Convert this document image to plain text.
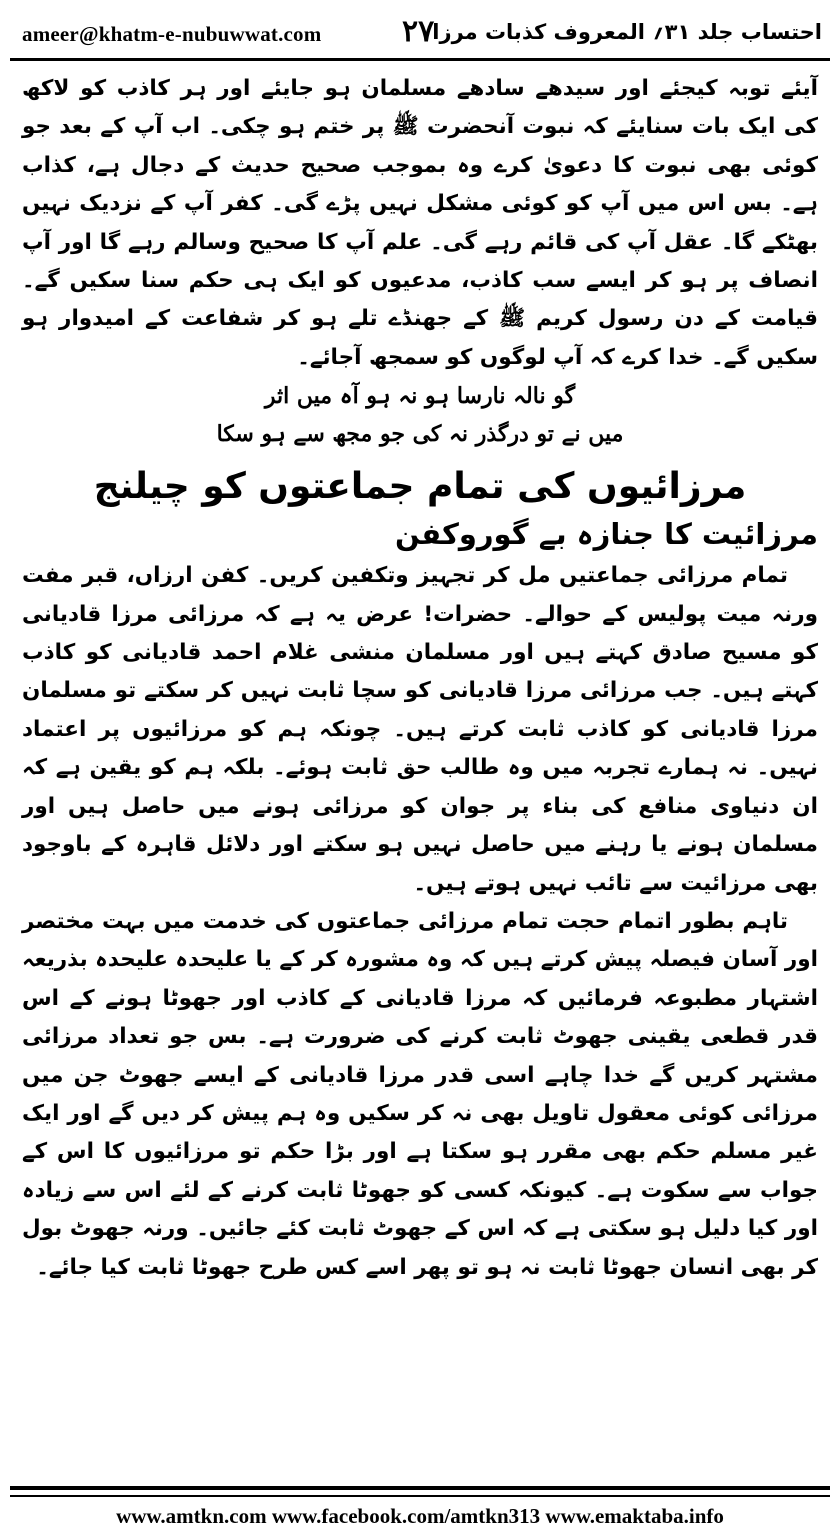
ameer@khatm-e-nubuwwat.com	۲۷
احتساب جلد ۳۱؍ المعروف کذبات مرزا

آیئے توبہ کیجئے اور سیدھے سادھے مسلمان ہو جایئے اور ہر کاذب کو لاکھ کی ایک بات سنایئے کہ نبوت آنحضرت ﷺ پر ختم ہو چکی۔ اب آپ کے بعد جو کوئی بھی نبوت کا دعویٰ کرے وہ بموجب صحیح حدیث کے دجال ہے، کذاب ہے۔ بس اس میں آپ کو کوئی مشکل نہیں پڑے گی۔ کفر آپ کے نزدیک نہیں بھٹکے گا۔ عقل آپ کی قائم رہے گی۔ علم آپ کا صحیح وسالم رہے گا اور آپ انصاف پر ہو کر ایسے سب کاذب، مدعیوں کو ایک ہی حکم سنا سکیں گے۔ قیامت کے دن رسول کریم ﷺ کے جھنڈے تلے ہو کر شفاعت کے امیدوار ہو سکیں گے۔ خدا کرے کہ آپ لوگوں کو سمجھ آجائے۔

گو نالہ نارسا ہو نہ ہو آہ میں اثر

میں نے تو درگذر نہ کی جو مجھ سے ہو سکا

مرزائیوں کی تمام جماعتوں کو چیلنج
مرزائیت کا جنازہ بے گوروکفن

تمام مرزائی جماعتیں مل کر تجہیز وتکفین کریں۔ کفن ارزاں، قبر مفت ورنہ میت پولیس کے حوالے۔ حضرات! عرض یہ ہے کہ مرزائی مرزا قادیانی کو مسیح صادق کہتے ہیں اور مسلمان منشی غلام احمد قادیانی کو کاذب کہتے ہیں۔ جب مرزائی مرزا قادیانی کو سچا ثابت نہیں کر سکتے تو مسلمان مرزا قادیانی کو کاذب ثابت کرتے ہیں۔ چونکہ ہم کو مرزائیوں پر اعتماد نہیں۔ نہ ہمارے تجربہ میں وہ طالب حق ثابت ہوئے۔ بلکہ ہم کو یقین ہے کہ ان دنیاوی منافع کی بناء پر جوان کو مرزائی ہونے میں حاصل ہیں اور مسلمان ہونے یا رہنے میں حاصل نہیں ہو سکتے اور دلائل قاہرہ کے باوجود بھی مرزائیت سے تائب نہیں ہوتے ہیں۔

تاہم بطور اتمام حجت تمام مرزائی جماعتوں کی خدمت میں بہت مختصر اور آسان فیصلہ پیش کرتے ہیں کہ وہ مشورہ کر کے یا علیحدہ علیحدہ بذریعہ اشتہار مطبوعہ فرمائیں کہ مرزا قادیانی کے کاذب اور جھوٹا ہونے کے اس قدر قطعی یقینی جھوٹ ثابت کرنے کی ضرورت ہے۔ بس جو تعداد مرزائی مشتہر کریں گے خدا چاہے اسی قدر مرزا قادیانی کے ایسے جھوٹ جن میں مرزائی کوئی معقول تاویل بھی نہ کر سکیں وہ ہم پیش کر دیں گے اور ایک غیر مسلم حکم بھی مقرر ہو سکتا ہے اور بڑا حکم تو مرزائیوں کا اس کے جواب سے سکوت ہے۔ کیونکہ کسی کو جھوٹا ثابت کرنے کے لئے اس سے زیادہ اور کیا دلیل ہو سکتی ہے کہ اس کے جھوٹ ثابت کئے جائیں۔ ورنہ جھوٹ بول کر بھی انسان جھوٹا ثابت نہ ہو تو پھر اسے کس طرح جھوٹا ثابت کیا جائے۔

www.amtkn.com www.facebook.com/amtkn313 www.emaktaba.info
